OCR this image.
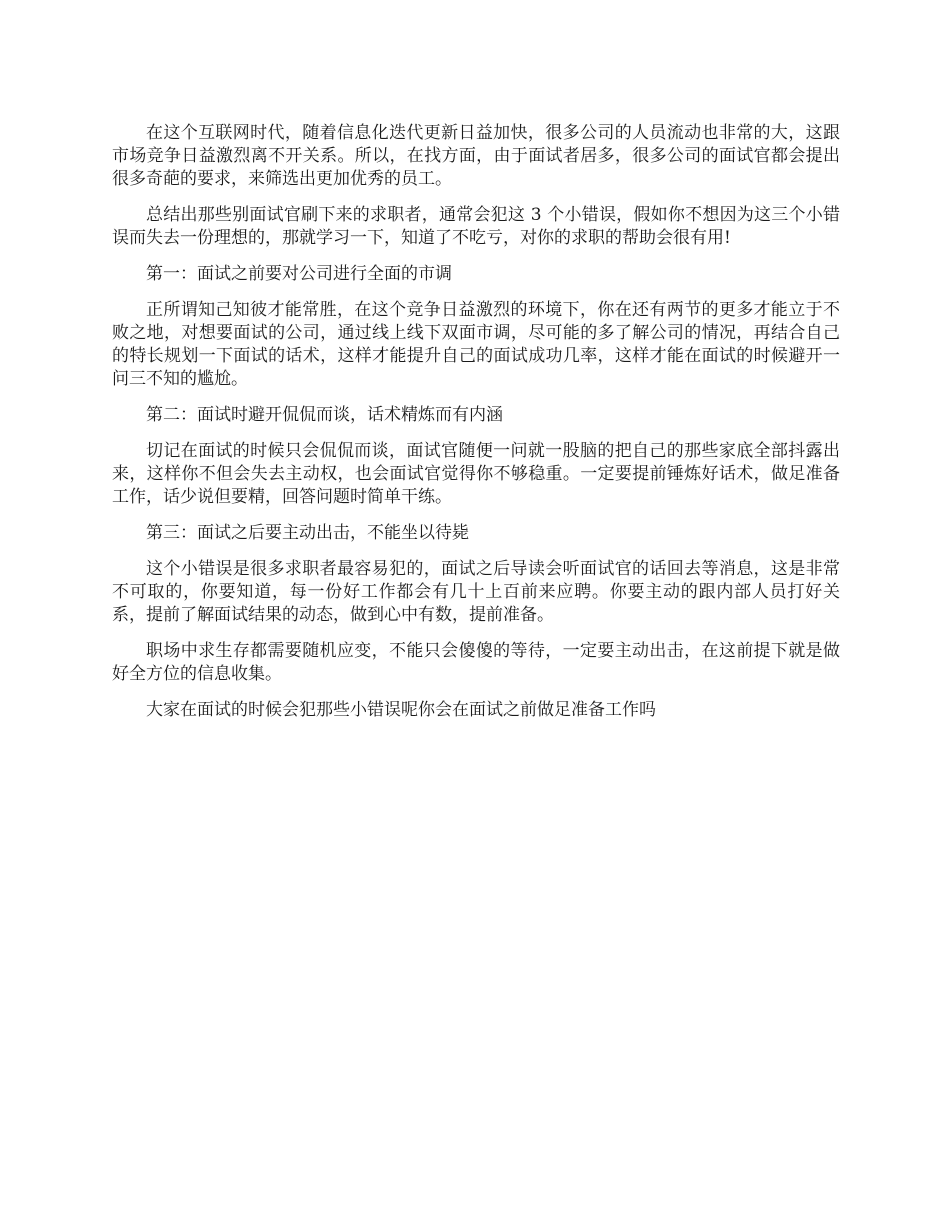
在这个互联网时代，随着信息化迭代更新日益加快，很多公司的人员流动也非常的大，这跟市场竞争日益激烈离不开关系。所以，在找方面，由于面试者居多，很多公司的面试官都会提出很多奇葩的要求，来筛选出更加优秀的员工。

总结出那些别面试官刷下来的求职者，通常会犯这 3 个小错误，假如你不想因为这三个小错误而失去一份理想的，那就学习一下，知道了不吃亏，对你的求职的帮助会很有用!

第一：面试之前要对公司进行全面的市调

正所谓知己知彼才能常胜，在这个竞争日益激烈的环境下，你在还有两节的更多才能立于不败之地，对想要面试的公司，通过线上线下双面市调，尽可能的多了解公司的情况，再结合自己的特长规划一下面试的话术，这样才能提升自己的面试成功几率，这样才能在面试的时候避开一问三不知的尴尬。

第二：面试时避开侃侃而谈，话术精炼而有内涵

切记在面试的时候只会侃侃而谈，面试官随便一问就一股脑的把自己的那些家底全部抖露出来，这样你不但会失去主动权，也会面试官觉得你不够稳重。一定要提前锤炼好话术，做足准备工作，话少说但要精，回答问题时简单干练。

第三：面试之后要主动出击，不能坐以待毙

这个小错误是很多求职者最容易犯的，面试之后导读会听面试官的话回去等消息，这是非常不可取的，你要知道，每一份好工作都会有几十上百前来应聘。你要主动的跟内部人员打好关系，提前了解面试结果的动态，做到心中有数，提前准备。

职场中求生存都需要随机应变，不能只会傻傻的等待，一定要主动出击，在这前提下就是做好全方位的信息收集。

大家在面试的时候会犯那些小错误呢你会在面试之前做足准备工作吗
